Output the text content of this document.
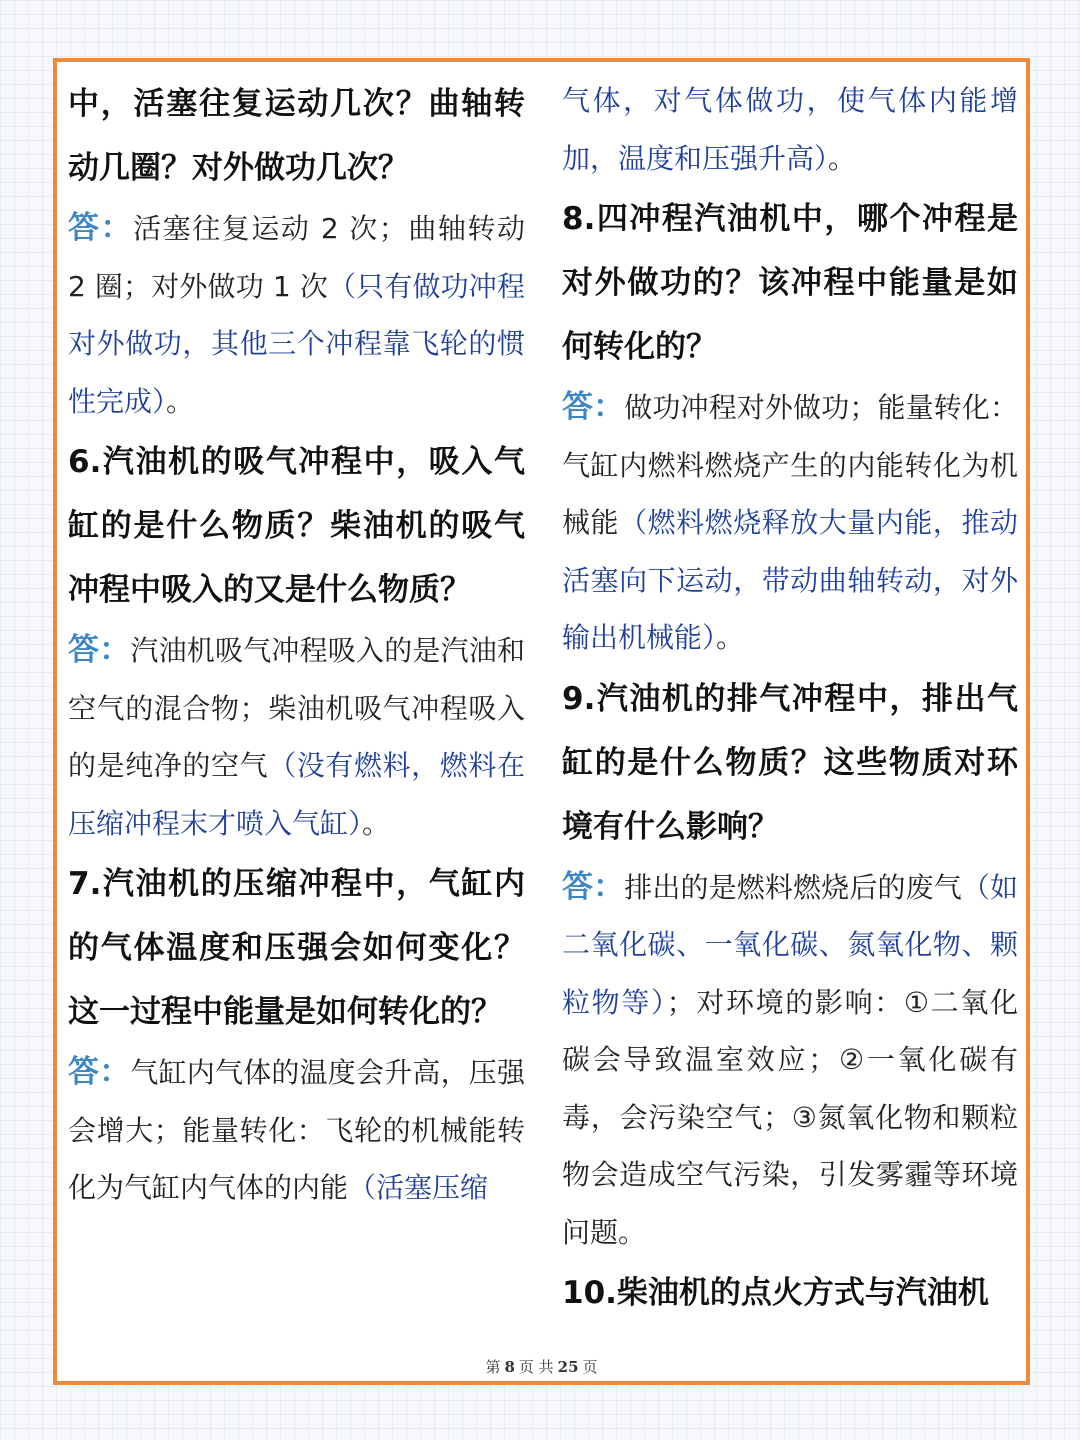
中，活塞往复运动几次？曲轴转动几圈？对外做功几次？

答：活塞往复运动 2 次；曲轴转动 2 圈；对外做功 1 次（只有做功冲程对外做功，其他三个冲程靠飞轮的惯性完成）。

6.汽油机的吸气冲程中，吸入气缸的是什么物质？柴油机的吸气冲程中吸入的又是什么物质？

答：汽油机吸气冲程吸入的是汽油和空气的混合物；柴油机吸气冲程吸入的是纯净的空气（没有燃料，燃料在压缩冲程末才喷入气缸）。

7.汽油机的压缩冲程中，气缸内的气体温度和压强会如何变化？这一过程中能量是如何转化的？

答：气缸内气体的温度会升高，压强会增大；能量转化：飞轮的机械能转化为气缸内气体的内能（活塞压缩

气体，对气体做功，使气体内能增加，温度和压强升高）。

8.四冲程汽油机中，哪个冲程是对外做功的？该冲程中能量是如何转化的？

答：做功冲程对外做功；能量转化：气缸内燃料燃烧产生的内能转化为机械能（燃料燃烧释放大量内能，推动活塞向下运动，带动曲轴转动，对外输出机械能）。

9.汽油机的排气冲程中，排出气缸的是什么物质？这些物质对环境有什么影响？

答：排出的是燃料燃烧后的废气（如二氧化碳、一氧化碳、氮氧化物、颗粒物等）；对环境的影响：①二氧化碳会导致温室效应；②一氧化碳有毒，会污染空气；③氮氧化物和颗粒物会造成空气污染，引发雾霾等环境问题。

10.柴油机的点火方式与汽油机

第 8 页 共 25 页
